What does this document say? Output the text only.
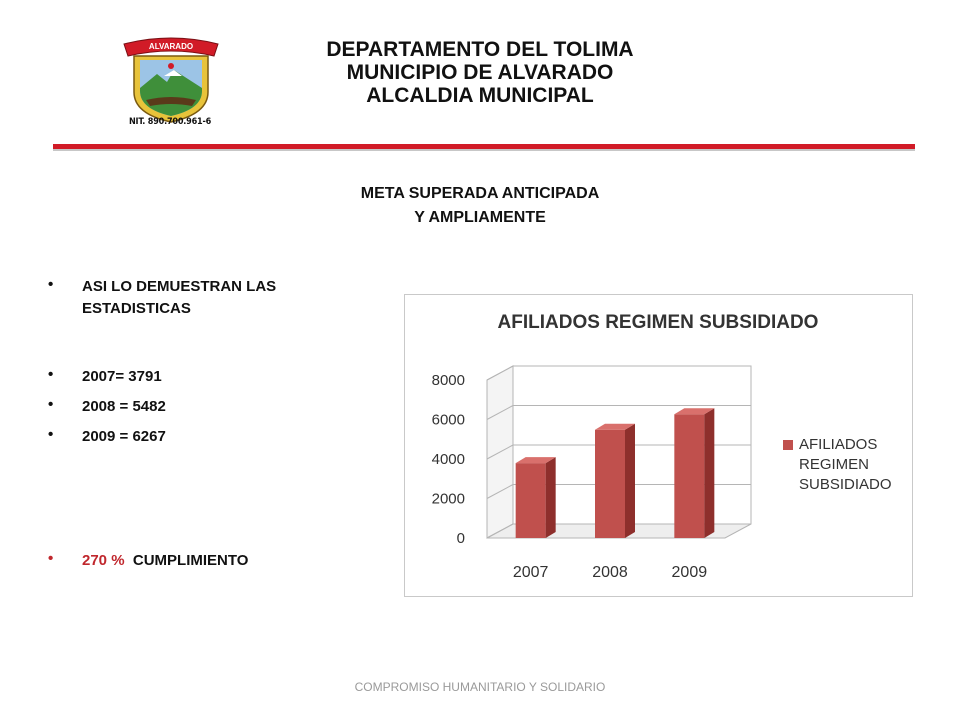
ALVARADO
NIT. 890.700.961-6
DEPARTAMENTO DEL TOLIMA
MUNICIPIO DE ALVARADO
ALCALDIA MUNICIPAL
META SUPERADA ANTICIPADA
Y AMPLIAMENTE
•	ASI LO DEMUESTRAN LAS ESTADISTICAS
•	2007= 3791
•	2008 = 5482
•	2009 = 6267
•	270 % CUMPLIMIENTO
AFILIADOS REGIMEN SUBSIDIADO
0
2000
4000
6000
8000
2007	2008	2009
AFILIADOS
REGIMEN
SUBSIDIADO
COMPROMISO HUMANITARIO Y SOLIDARIO
